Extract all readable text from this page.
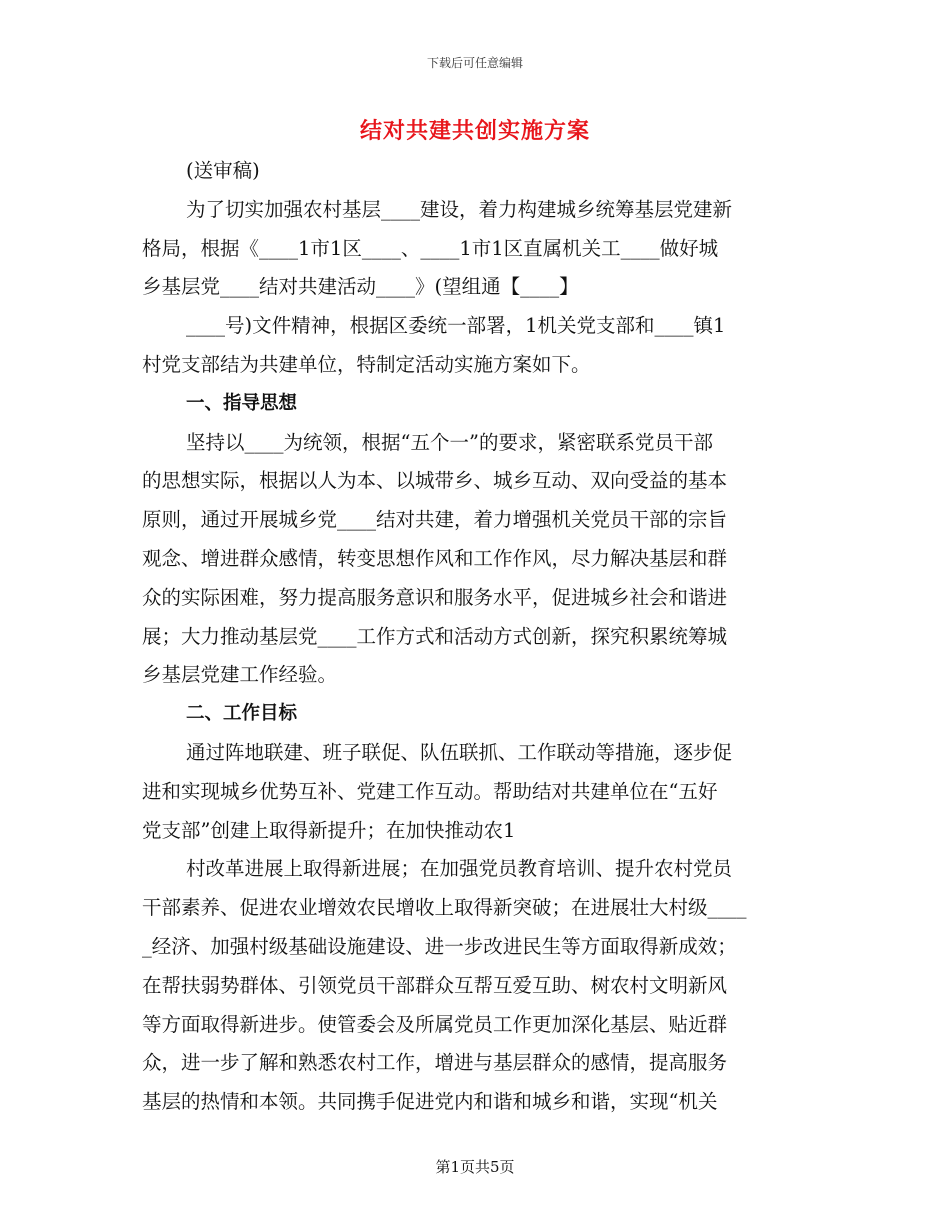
下载后可任意编辑
结对共建共创实施方案
(送审稿)
为了切实加强农村基层____建设，着力构建城乡统筹基层党建新
格局，根据《____1市1区____、____1市1区直属机关工____做好城
乡基层党____结对共建活动____》(望组通【____】
____号)文件精神，根据区委统一部署，1机关党支部和____镇1
村党支部结为共建单位，特制定活动实施方案如下。
一、指导思想
坚持以____为统领，根据“五个一”的要求，紧密联系党员干部
的思想实际，根据以人为本、以城带乡、城乡互动、双向受益的基本
原则，通过开展城乡党____结对共建，着力增强机关党员干部的宗旨
观念、增进群众感情，转变思想作风和工作作风，尽力解决基层和群
众的实际困难，努力提高服务意识和服务水平，促进城乡社会和谐进
展；大力推动基层党____工作方式和活动方式创新，探究积累统筹城
乡基层党建工作经验。
二、工作目标
通过阵地联建、班子联促、队伍联抓、工作联动等措施，逐步促
进和实现城乡优势互补、党建工作互动。帮助结对共建单位在“五好
党支部”创建上取得新提升；在加快推动农1
村改革进展上取得新进展；在加强党员教育培训、提升农村党员
干部素养、促进农业增效农民增收上取得新突破；在进展壮大村级____
_经济、加强村级基础设施建设、进一步改进民生等方面取得新成效；
在帮扶弱势群体、引领党员干部群众互帮互爱互助、树农村文明新风
等方面取得新进步。使管委会及所属党员工作更加深化基层、贴近群
众，进一步了解和熟悉农村工作，增进与基层群众的感情，提高服务
基层的热情和本领。共同携手促进党内和谐和城乡和谐，实现“机关
第1页共5页
